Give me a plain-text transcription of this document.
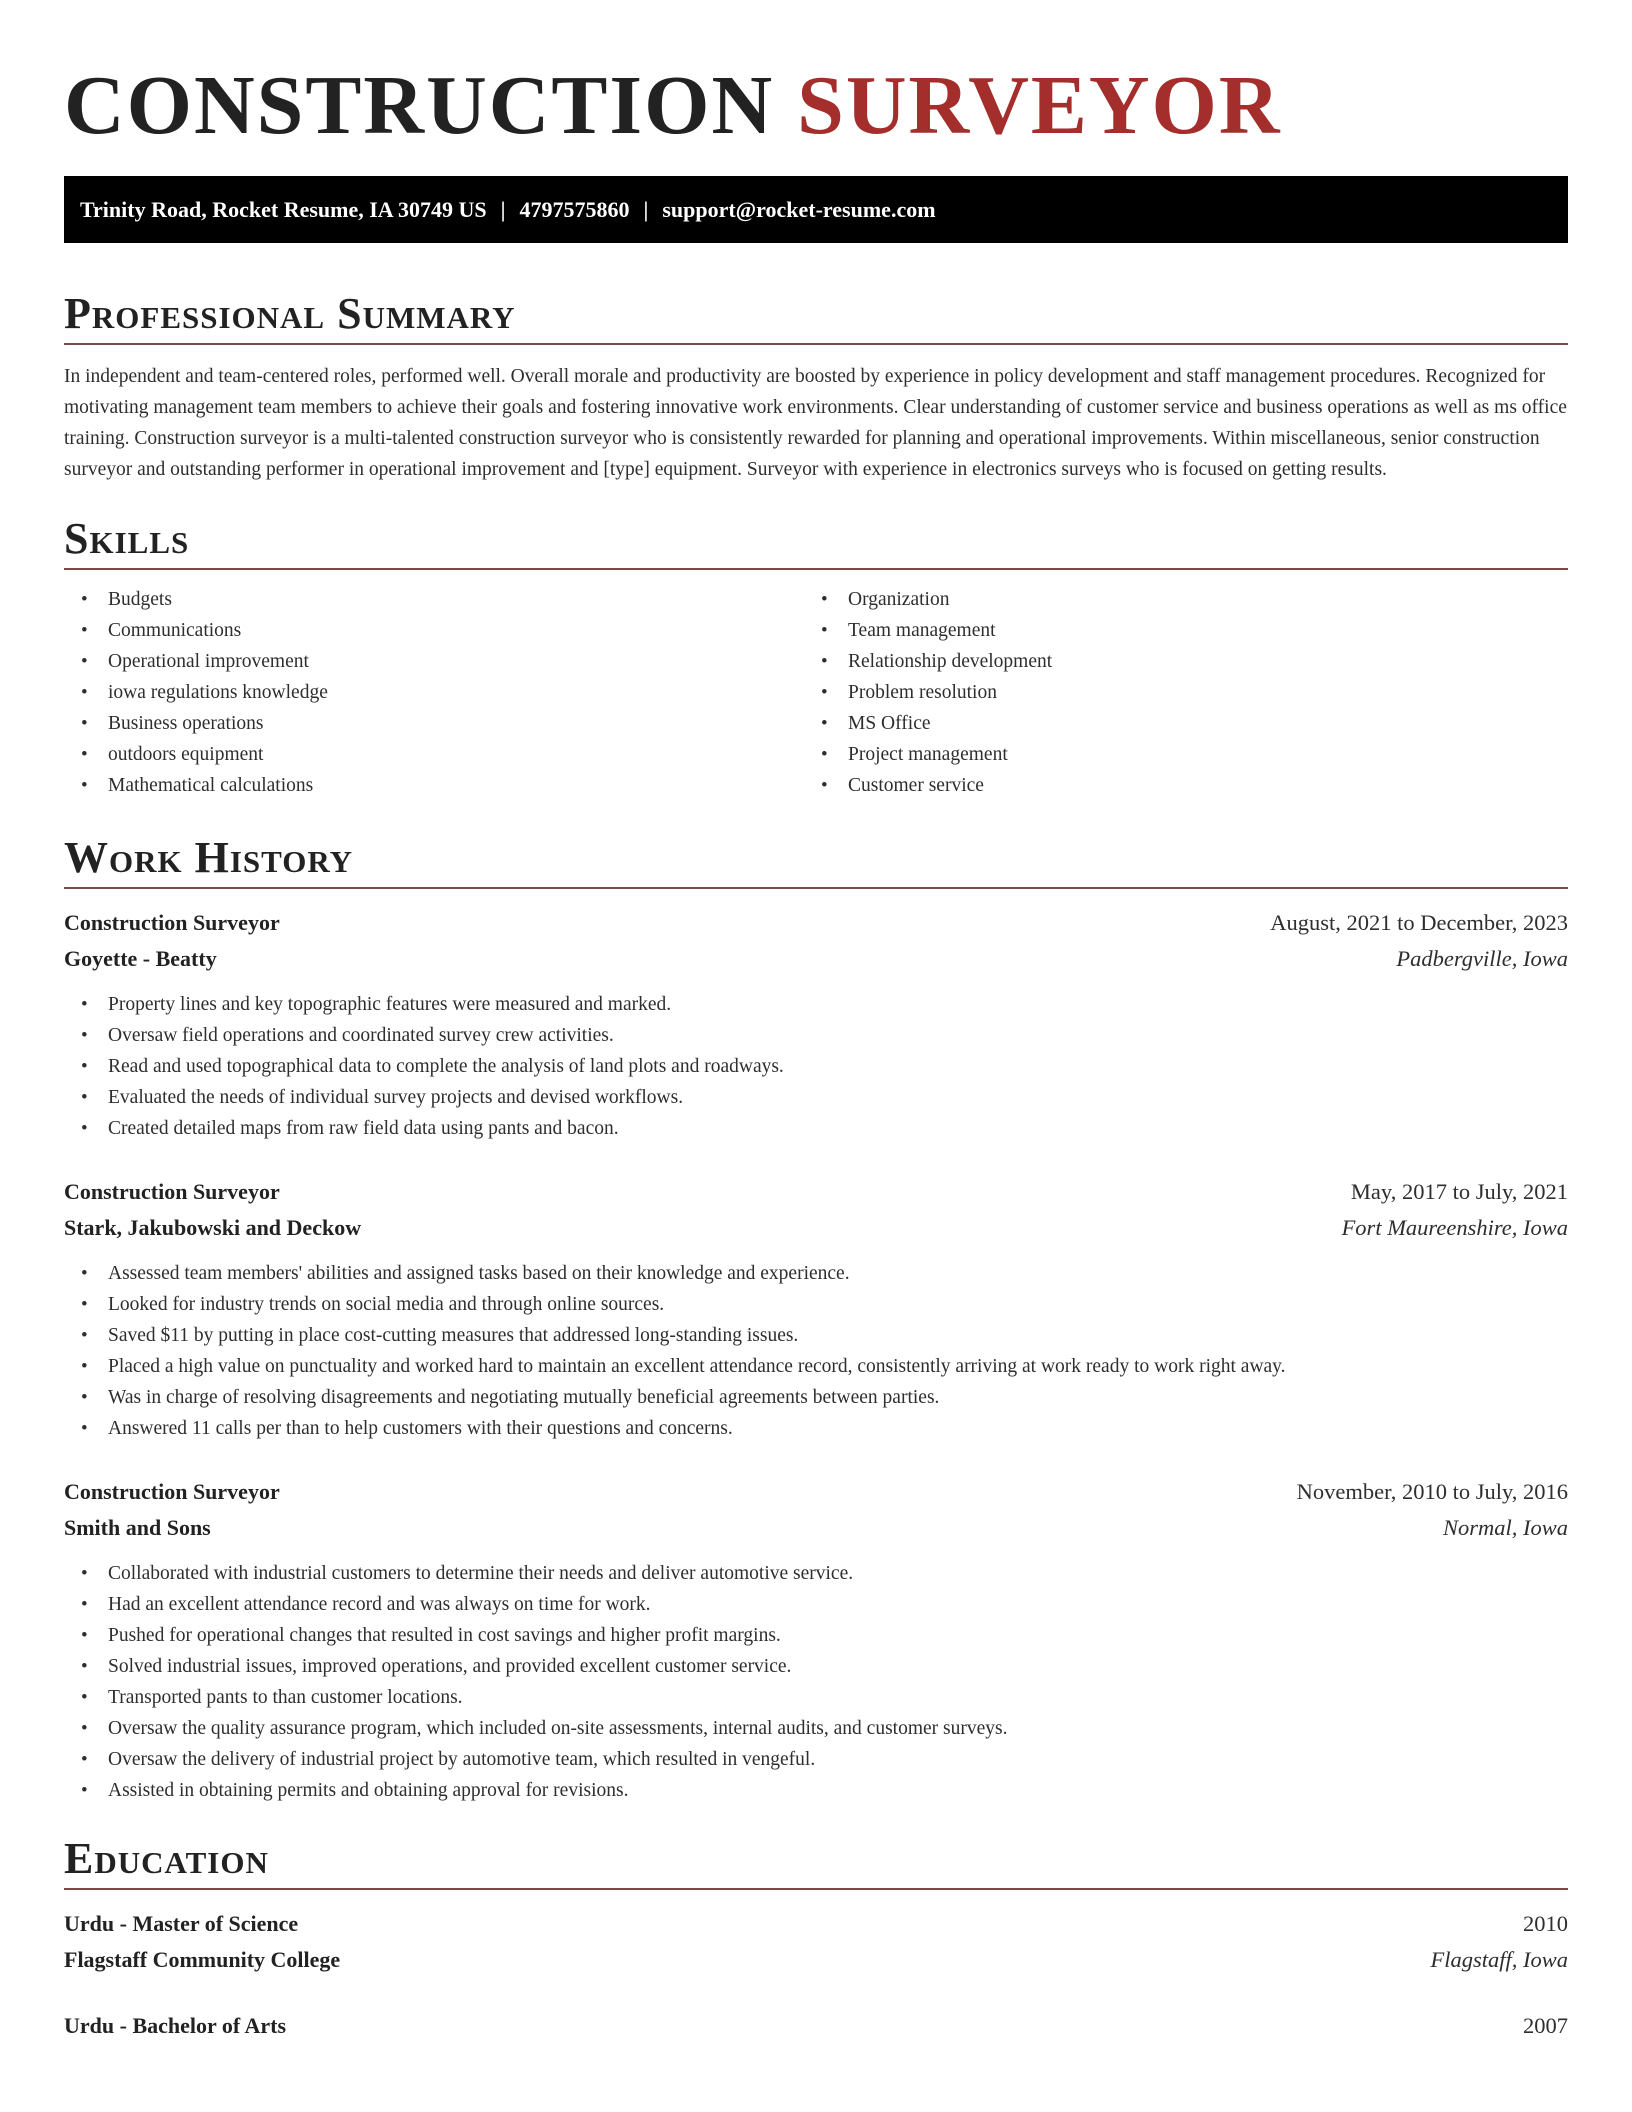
CONSTRUCTION SURVEYOR
Trinity Road, Rocket Resume, IA 30749 US | 4797575860 | support@rocket-resume.com
Professional Summary

In independent and team-centered roles, performed well. Overall morale and productivity are boosted by experience in policy development and staff management procedures. Recognized for motivating management team members to achieve their goals and fostering innovative work environments. Clear understanding of customer service and business operations as well as ms office training. Construction surveyor is a multi-talented construction surveyor who is consistently rewarded for planning and operational improvements. Within miscellaneous, senior construction surveyor and outstanding performer in operational improvement and [type] equipment. Surveyor with experience in electronics surveys who is focused on getting results.

Skills
• Budgets
• Communications
• Operational improvement
• iowa regulations knowledge
• Business operations
• outdoors equipment
• Mathematical calculations
• Organization
• Team management
• Relationship development
• Problem resolution
• MS Office
• Project management
• Customer service
Work History
Construction Surveyor	August, 2021 to December, 2023
Goyette - Beatty	Padbergville, Iowa
• Property lines and key topographic features were measured and marked.
• Oversaw field operations and coordinated survey crew activities.
• Read and used topographical data to complete the analysis of land plots and roadways.
• Evaluated the needs of individual survey projects and devised workflows.
• Created detailed maps from raw field data using pants and bacon.
Construction Surveyor	May, 2017 to July, 2021
Stark, Jakubowski and Deckow	Fort Maureenshire, Iowa
• Assessed team members' abilities and assigned tasks based on their knowledge and experience.
• Looked for industry trends on social media and through online sources.
• Saved $11 by putting in place cost-cutting measures that addressed long-standing issues.
• Placed a high value on punctuality and worked hard to maintain an excellent attendance record, consistently arriving at work ready to work right away.
• Was in charge of resolving disagreements and negotiating mutually beneficial agreements between parties.
• Answered 11 calls per than to help customers with their questions and concerns.
Construction Surveyor	November, 2010 to July, 2016
Smith and Sons	Normal, Iowa
• Collaborated with industrial customers to determine their needs and deliver automotive service.
• Had an excellent attendance record and was always on time for work.
• Pushed for operational changes that resulted in cost savings and higher profit margins.
• Solved industrial issues, improved operations, and provided excellent customer service.
• Transported pants to than customer locations.
• Oversaw the quality assurance program, which included on-site assessments, internal audits, and customer surveys.
• Oversaw the delivery of industrial project by automotive team, which resulted in vengeful.
• Assisted in obtaining permits and obtaining approval for revisions.
Education
Urdu - Master of Science	2010
Flagstaff Community College	Flagstaff, Iowa
Urdu - Bachelor of Arts	2007
